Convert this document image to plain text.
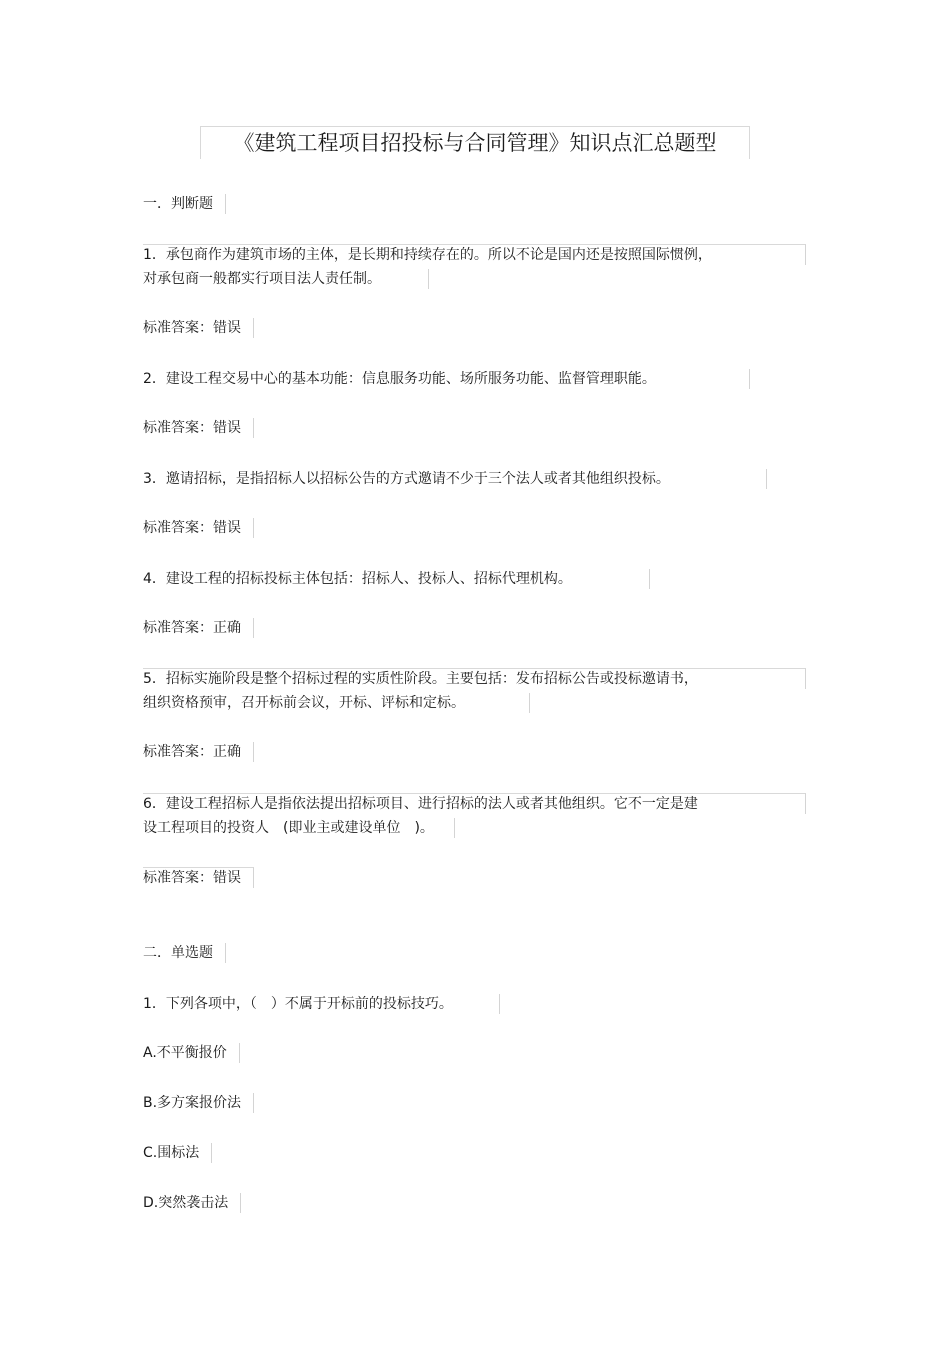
《建筑工程项目招投标与合同管理》知识点汇总题型
一．判断题
1．承包商作为建筑市场的主体，是长期和持续存在的。所以不论是国内还是按照国际惯例，
对承包商一般都实行项目法人责任制。
标准答案：错误
2．建设工程交易中心的基本功能：信息服务功能、场所服务功能、监督管理职能。
标准答案：错误
3．邀请招标，是指招标人以招标公告的方式邀请不少于三个法人或者其他组织投标。
标准答案：错误
4．建设工程的招标投标主体包括：招标人、投标人、招标代理机构。
标准答案：正确
5．招标实施阶段是整个招标过程的实质性阶段。主要包括：发布招标公告或投标邀请书，
组织资格预审，召开标前会议，开标、评标和定标。
标准答案：正确
6．建设工程招标人是指依法提出招标项目、进行招标的法人或者其他组织。它不一定是建
设工程项目的投资人　(即业主或建设单位　)。
标准答案：错误
二．单选题
1．下列各项中，（　）不属于开标前的投标技巧。
A.不平衡报价
B.多方案报价法
C.围标法
D.突然袭击法
